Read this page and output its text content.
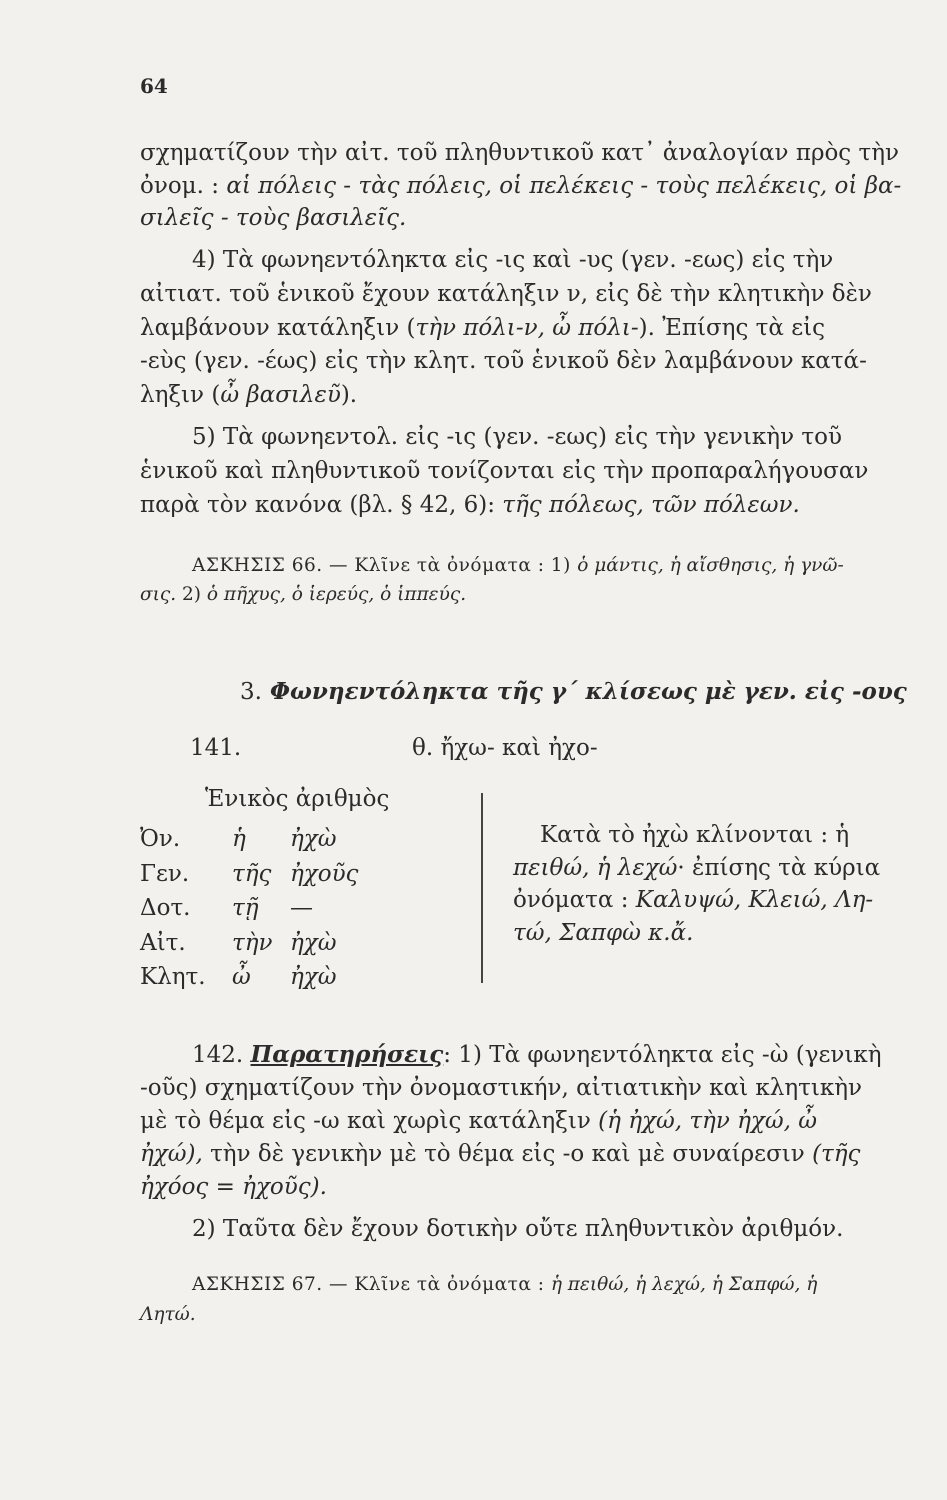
64
σχηματίζουν τὴν αἰτ. τοῦ πληθυντικοῦ κατ᾽ ἀναλογίαν πρὸς τὴν
ὀνομ. : αἱ πόλεις - τὰς πόλεις, οἱ πελέκεις - τοὺς πελέκεις, οἱ βα-
σιλεῖς - τοὺς βασιλεῖς.
4) Τὰ φωνηεντόληκτα εἰς -ις καὶ -υς (γεν. -εως) εἰς τὴν
αἰτιατ. τοῦ ἑνικοῦ ἔχουν κατάληξιν ν, εἰς δὲ τὴν κλητικὴν δὲν
λαμβάνουν κατάληξιν (τὴν πόλι-ν, ὦ πόλι-). Ἐπίσης τὰ εἰς
-εὺς (γεν. -έως) εἰς τὴν κλητ. τοῦ ἑνικοῦ δὲν λαμβάνουν κατά-
ληξιν (ὦ βασιλεῦ).
5) Τὰ φωνηεντολ. εἰς -ις (γεν. -εως) εἰς τὴν γενικὴν τοῦ
ἑνικοῦ καὶ πληθυντικοῦ τονίζονται εἰς τὴν προπαραλήγουσαν
παρὰ τὸν κανόνα (βλ. § 42, 6): τῆς πόλεως, τῶν πόλεων.
ΑΣΚΗΣΙΣ 66. — Κλῖνε τὰ ὀνόματα : 1) ὁ μάντις, ἡ αἴσθησις, ἡ γνῶ-
σις. 2) ὁ πῆχυς, ὁ ἱερεύς, ὁ ἱππεύς.
3. Φωνηεντόληκτα τῆς γ΄ κλίσεως μὲ γεν. εἰς -ους
141.	θ. ἤχω- καὶ ἠχο-
Ἑνικὸς ἀριθμὸς
Ὀν.
Γεν.
Δοτ.
Αἰτ.
Κλητ.
ἡ
τῆς
τῇ
τὴν
ὦ
ἠχὼ
ἠχοῦς
—
ἠχὼ
ἠχὼ
Κατὰ τὸ ἠχὼ κλίνονται : ἡ
πειθώ, ἡ λεχώ· ἐπίσης τὰ κύρια
ὀνόματα : Καλυψώ, Κλειώ, Λη-
τώ, Σαπφὼ κ.ἄ.
142. Παρατηρήσεις: 1) Τὰ φωνηεντόληκτα εἰς -ὼ (γενικὴ
-οῦς) σχηματίζουν τὴν ὀνομαστικήν, αἰτιατικὴν καὶ κλητικὴν
μὲ τὸ θέμα εἰς -ω καὶ χωρὶς κατάληξιν (ἡ ἠχώ, τὴν ἠχώ, ὦ
ἠχώ), τὴν δὲ γενικὴν μὲ τὸ θέμα εἰς -ο καὶ μὲ συναίρεσιν (τῆς
ἠχόος = ἠχοῦς).
2) Ταῦτα δὲν ἔχουν δοτικὴν οὔτε πληθυντικὸν ἀριθμόν.
ΑΣΚΗΣΙΣ 67. — Κλῖνε τὰ ὀνόματα : ἡ πειθώ, ἡ λεχώ, ἡ Σαπφώ, ἡ
Λητώ.
